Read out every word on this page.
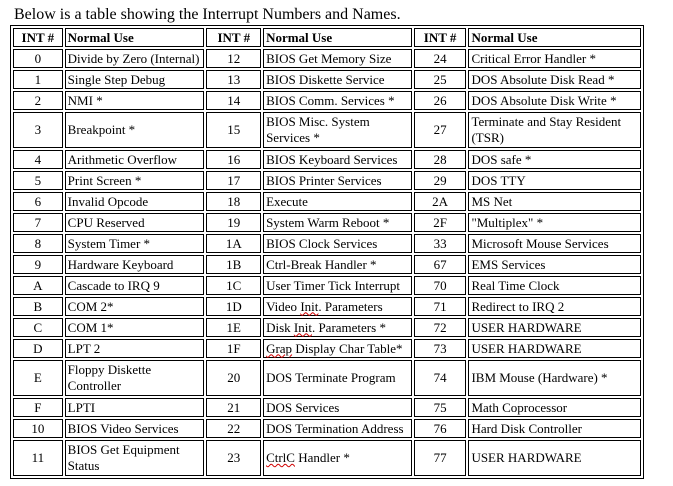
Below is a table showing the Interrupt Numbers and Names.
INT #	Normal Use	INT #	Normal Use	INT #	Normal Use
0	Divide by Zero (Internal)	12	BIOS Get Memory Size	24	Critical Error Handler *
1	Single Step Debug	13	BIOS Diskette Service	25	DOS Absolute Disk Read *
2	NMI *	14	BIOS Comm. Services *	26	DOS Absolute Disk Write *
3	Breakpoint *	15	BIOS Misc. System Services *	27	Terminate and Stay Resident (TSR)
4	Arithmetic Overflow	16	BIOS Keyboard Services	28	DOS safe *
5	Print Screen *	17	BIOS Printer Services	29	DOS TTY
6	Invalid Opcode	18	Execute	2A	MS Net
7	CPU Reserved	19	System Warm Reboot *	2F	"Multiplex" *
8	System Timer *	1A	BIOS Clock Services	33	Microsoft Mouse Services
9	Hardware Keyboard	1B	Ctrl-Break Handler *	67	EMS Services
A	Cascade to IRQ 9	1C	User Timer Tick Interrupt	70	Real Time Clock
B	COM 2*	1D	Video Init. Parameters	71	Redirect to IRQ 2
C	COM 1*	1E	Disk Init. Parameters *	72	USER HARDWARE
D	LPT 2	1F	Grap Display Char Table*	73	USER HARDWARE
E	Floppy Diskette Controller	20	DOS Terminate Program	74	IBM Mouse (Hardware) *
F	LPTI	21	DOS Services	75	Math Coprocessor
10	BIOS Video Services	22	DOS Termination Address	76	Hard Disk Controller
11	BIOS Get Equipment Status	23	CtrlC Handler *	77	USER HARDWARE
